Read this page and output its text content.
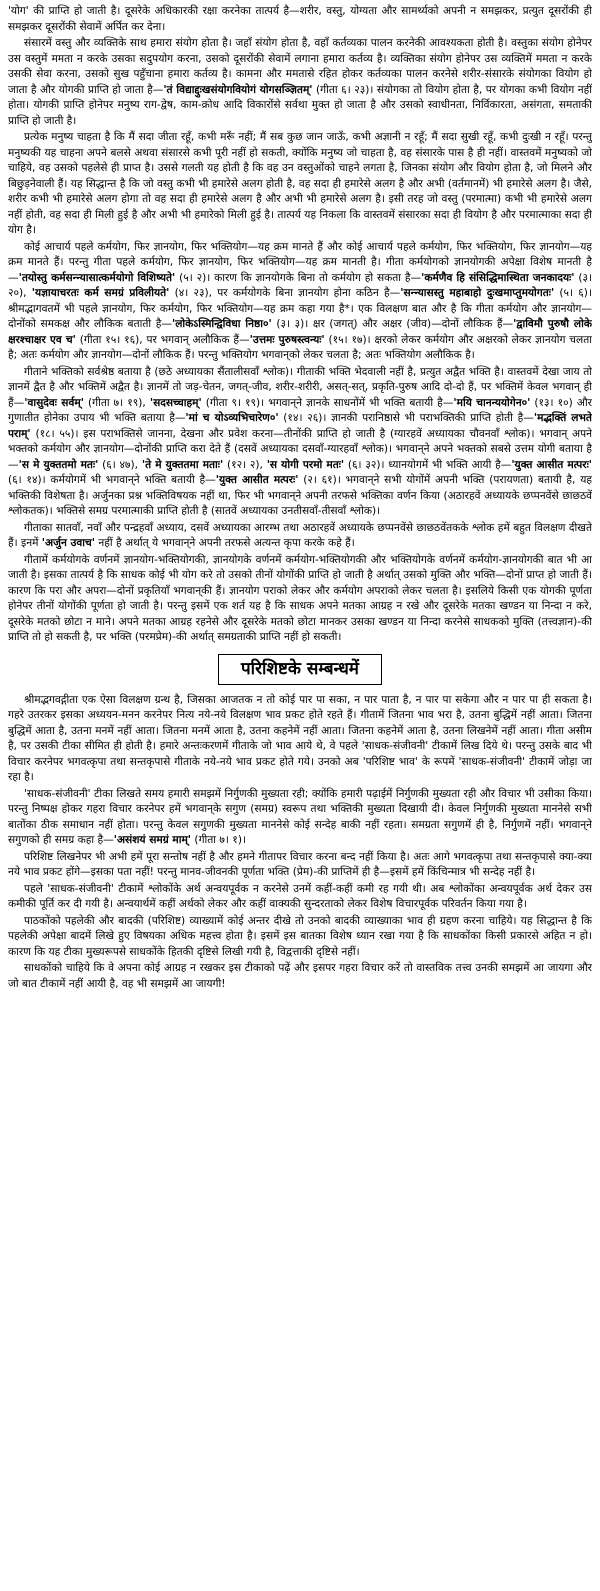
'योग' की प्राप्ति हो जाती है। दूसरेके अधिकारकी रक्षा करनेका तात्पर्य है—शरीर, वस्तु, योग्यता और सामर्थ्यको अपनी न समझकर, प्रत्युत दूसरोंकी ही समझकर दूसरोंकी सेवामें अर्पित कर देना।

संसारमें वस्तु और व्यक्तिके साथ हमारा संयोग होता है। जहाँ संयोग होता है, वहाँ कर्तव्यका पालन करनेकी आवश्यकता होती है। वस्तुका संयोग होनेपर उस वस्तुमें ममता न करके उसका सदुपयोग करना, उसको दूसरोंकी सेवामें लगाना हमारा कर्तव्य है। व्यक्तिका संयोग होनेपर उस व्यक्तिमें ममता न करके उसकी सेवा करना, उसको सुख पहुँचाना हमारा कर्तव्य है। कामना और ममतासे रहित होकर कर्तव्यका पालन करनेसे शरीर-संसारके संयोगका वियोग हो जाता है और योगकी प्राप्ति हो जाता है—'तं विद्याद्दुःखसंयोगवियोगं योगसञ्ज्ञितम्' (गीता ६। २३)। संयोगका तो वियोग होता है, पर योगका कभी वियोग नहीं होता। योगकी प्राप्ति होनेपर मनुष्य राग-द्वेष, काम-क्रोध आदि विकारोंसे सर्वथा मुक्त हो जाता है और उसको स्वाधीनता, निर्विकारता, असंगता, समताकी प्राप्ति हो जाती है।

प्रत्येक मनुष्य चाहता है कि मैं सदा जीता रहूँ, कभी मरूँ नहीं; मैं सब कुछ जान जाऊँ, कभी अज्ञानी न रहूँ; मैं सदा सुखी रहूँ, कभी दुःखी न रहूँ। परन्तु मनुष्यकी यह चाहना अपने बलसे अथवा संसारसे कभी पूरी नहीं हो सकती, क्योंकि मनुष्य जो चाहता है, वह संसारके पास है ही नहीं। वास्तवमें मनुष्यको जो चाहिये, वह उसको पहलेसे ही प्राप्त है। उससे गलती यह होती है कि वह उन वस्तुओंको चाहने लगता है, जिनका संयोग और वियोग होता है, जो मिलने और बिछुड़नेवाली हैं। यह सिद्धान्त है कि जो वस्तु कभी भी हमारेसे अलग होती है, वह सदा ही हमारेसे अलग है और अभी (वर्तमानमें) भी हमारेसे अलग है। जैसे, शरीर कभी भी हमारेसे अलग होगा तो वह सदा ही हमारेसे अलग है और अभी भी हमारेसे अलग है। इसी तरह जो वस्तु (परमात्मा) कभी भी हमारेसे अलग नहीं होती, वह सदा ही मिली हुई है और अभी भी हमारेको मिली हुई है। तात्पर्य यह निकला कि वास्तवमें संसारका सदा ही वियोग है और परमात्माका सदा ही योग है।

कोई आचार्य पहले कर्मयोग, फिर ज्ञानयोग, फिर भक्तियोग—यह क्रम मानते हैं और कोई आचार्य पहले कर्मयोग, फिर भक्तियोग, फिर ज्ञानयोग—यह क्रम मानते हैं। परन्तु गीता पहले कर्मयोग, फिर ज्ञानयोग, फिर भक्तियोग—यह क्रम मानती है। गीता कर्मयोगको ज्ञानयोगकी अपेक्षा विशेष मानती है—'तयोस्तु कर्मसन्न्यासात्कर्मयोगो विशिष्यते' (५। २)। कारण कि ज्ञानयोगके बिना तो कर्मयोग हो सकता है—'कर्मणैव हि संसिद्धिमास्थिता जनकादयः' (३। २०), 'यज्ञायाचरतः कर्म समग्रं प्रविलीयते' (४। २३), पर कर्मयोगके बिना ज्ञानयोग होना कठिन है—'सन्न्यासस्तु महाबाहो दुःखमाप्तुमयोगतः' (५। ६)। श्रीमद्भागवतमें भी पहले ज्ञानयोग, फिर कर्मयोग, फिर भक्तियोग—यह क्रम कहा गया है*। एक विलक्षण बात और है कि गीता कर्मयोग और ज्ञानयोग—दोनोंको समकक्ष और लौकिक बताती है—'लोकेऽस्मिन्द्विविधा निष्ठा०' (३। ३)। क्षर (जगत्) और अक्षर (जीव)—दोनों लौकिक हैं—'द्वाविमौ पुरुषौ लोके क्षरश्चाक्षर एव च' (गीता १५। १६), पर भगवान् अलौकिक हैं—'उत्तमः पुरुषस्त्वन्यः' (१५। १७)। क्षरको लेकर कर्मयोग और अक्षरको लेकर ज्ञानयोग चलता है; अतः कर्मयोग और ज्ञानयोग—दोनों लौकिक हैं। परन्तु भक्तियोग भगवान्‌को लेकर चलता है; अतः भक्तियोग अलौकिक है।

गीताने भक्तिको सर्वश्रेष्ठ बताया है (छठे अध्यायका सैंतालीसवाँ श्लोक)। गीताकी भक्ति भेदवाली नहीं है, प्रत्युत अद्वैत भक्ति है। वास्तवमें देखा जाय तो ज्ञानमें द्वैत है और भक्तिमें अद्वैत है। ज्ञानमें तो जड़-चेतन, जगत्-जीव, शरीर-शरीरी, असत्-सत्, प्रकृति-पुरुष आदि दो-दो हैं, पर भक्तिमें केवल भगवान् ही हैं—'वासुदेवः सर्वम्' (गीता ७। १९), 'सदसच्चाहम्' (गीता ९। १९)। भगवान्‌ने ज्ञानके साधनोंमें भी भक्ति बतायी है—'मयि चानन्ययोगेन०' (१३। १०) और गुणातीत होनेका उपाय भी भक्ति बताया है—'मां च योऽव्यभिचारेण०' (१४। २६)। ज्ञानकी परानिष्ठासे भी पराभक्तिकी प्राप्ति होती है—'मद्भक्तिं लभते पराम्' (१८। ५५)। इस पराभक्तिसे जानना, देखना और प्रवेश करना—तीनोंकी प्राप्ति हो जाती है (ग्यारहवें अध्यायका चौवनवाँ श्लोक)। भगवान् अपने भक्तको कर्मयोग और ज्ञानयोग—दोनोंकी प्राप्ति करा देते हैं (दसवें अध्यायका दसवाँ-ग्यारहवाँ श्लोक)। भगवान्‌ने अपने भक्तको सबसे उत्तम योगी बताया है—'स मे युक्ततमो मतः' (६। ४७), 'ते मे युक्ततमा मताः' (१२। २), 'स योगी परमो मतः' (६। ३२)। ध्यानयोगमें भी भक्ति आयी है—'युक्त आसीत मत्परः' (६। १४)। कर्मयोगमें भी भगवान्‌ने भक्ति बतायी है—'युक्त आसीत मत्परः' (२। ६१)। भगवान्‌ने सभी योगोंमें अपनी भक्ति (परायणता) बतायी है, यह भक्तिकी विशेषता है। अर्जुनका प्रश्न भक्तिविषयक नहीं था, फिर भी भगवान्‌ने अपनी तरफसे भक्तिका वर्णन किया (अठारहवें अध्यायके छप्पनवेंसे छाछठवें श्लोकतक)। भक्तिसे समग्र परमात्माकी प्राप्ति होती है (सातवें अध्यायका उनतीसवाँ-तीसवाँ श्लोक)।

गीताका सातवाँ, नवाँ और पन्द्रहवाँ अध्याय, दसवें अध्यायका आरम्भ तथा अठारहवें अध्यायके छप्पनवेंसे छाछठवेंतकके श्लोक हमें बहुत विलक्षण दीखते हैं। इनमें 'अर्जुन उवाच' नहीं है अर्थात् ये भगवान्‌ने अपनी तरफसे अत्यन्त कृपा करके कहे हैं।

गीतामें कर्मयोगके वर्णनमें ज्ञानयोग-भक्तियोगकी, ज्ञानयोगके वर्णनमें कर्मयोग-भक्तियोगकी और भक्तियोगके वर्णनमें कर्मयोग-ज्ञानयोगकी बात भी आ जाती है। इसका तात्पर्य है कि साधक कोई भी योग करे तो उसको तीनों योगोंकी प्राप्ति हो जाती है अर्थात् उसको मुक्ति और भक्ति—दोनों प्राप्त हो जाती हैं। कारण कि परा और अपरा—दोनों प्रकृतियाँ भगवान्‌की हैं। ज्ञानयोग पराको लेकर और कर्मयोग अपराको लेकर चलता है। इसलिये किसी एक योगकी पूर्णता होनेपर तीनों योगोंकी पूर्णता हो जाती है। परन्तु इसमें एक शर्त यह है कि साधक अपने मतका आग्रह न रखे और दूसरेके मतका खण्डन या निन्दा न करे, दूसरेके मतको छोटा न माने। अपने मतका आग्रह रहनेसे और दूसरेके मतको छोटा मानकर उसका खण्डन या निन्दा करनेसे साधकको मुक्ति (तत्त्वज्ञान)-की प्राप्ति तो हो सकती है, पर भक्ति (परमप्रेम)-की अर्थात् समग्रताकी प्राप्ति नहीं हो सकती।

परिशिष्टके सम्बन्धमें

श्रीमद्भगवद्गीता एक ऐसा विलक्षण ग्रन्थ है, जिसका आजतक न तो कोई पार पा सका, न पार पाता है, न पार पा सकेगा और न पार पा ही सकता है। गहरे उतरकर इसका अध्ययन-मनन करनेपर नित्य नये-नये विलक्षण भाव प्रकट होते रहते हैं। गीतामें जितना भाव भरा है, उतना बुद्धिमें नहीं आता। जितना बुद्धिमें आता है, उतना मनमें नहीं आता। जितना मनमें आता है, उतना कहनेमें नहीं आता। जितना कहनेमें आता है, उतना लिखनेमें नहीं आता। गीता असीम है, पर उसकी टीका सीमित ही होती है। हमारे अन्तःकरणमें गीताके जो भाव आये थे, वे पहले 'साधक-संजीवनी' टीकामें लिख दिये थे। परन्तु उसके बाद भी विचार करनेपर भगवत्कृपा तथा सन्तकृपासे गीताके नये-नये भाव प्रकट होते गये। उनको अब 'परिशिष्ट भाव' के रूपमें 'साधक-संजीवनी' टीकामें जोड़ा जा रहा है।

'साधक-संजीवनी' टीका लिखते समय हमारी समझमें निर्गुणकी मुख्यता रही; क्योंकि हमारी पढ़ाईमें निर्गुणकी मुख्यता रही और विचार भी उसीका किया। परन्तु निष्पक्ष होकर गहरा विचार करनेपर हमें भगवान्‌के सगुण (समग्र) स्वरूप तथा भक्तिकी मुख्यता दिखायी दी। केवल निर्गुणकी मुख्यता माननेसे सभी बातोंका ठीक समाधान नहीं होता। परन्तु केवल सगुणकी मुख्यता माननेसे कोई सन्देह बाकी नहीं रहता। समग्रता सगुणमें ही है, निर्गुणमें नहीं। भगवान्‌ने सगुणको ही समग्र कहा है—'असंशयं समग्रं माम्' (गीता ७। १)।

परिशिष्ट लिखनेपर भी अभी हमें पूरा सन्तोष नहीं है और हमने गीतापर विचार करना बन्द नहीं किया है। अतः आगे भगवत्कृपा तथा सन्तकृपासे क्या-क्या नये भाव प्रकट होंगे—इसका पता नहीं! परन्तु मानव-जीवनकी पूर्णता भक्ति (प्रेम)-की प्राप्तिमें ही है—इसमें हमें किंचिन्मात्र भी सन्देह नहीं है।

पहले 'साधक-संजीवनी' टीकामें श्लोकोंके अर्थ अन्वयपूर्वक न करनेसे उनमें कहीं-कहीं कमी रह गयी थी। अब श्लोकोंका अन्वयपूर्वक अर्थ देकर उस कमीकी पूर्ति कर दी गयी है। अन्वयार्थमें कहीं अर्थको लेकर और कहीं वाक्यकी सुन्दरताको लेकर विशेष विचारपूर्वक परिवर्तन किया गया है।

पाठकोंको पहलेकी और बादकी (परिशिष्ट) व्याख्यामें कोई अन्तर दीखे तो उनको बादकी व्याख्याका भाव ही ग्रहण करना चाहिये। यह सिद्धान्त है कि पहलेकी अपेक्षा बादमें लिखे हुए विषयका अधिक महत्त्व होता है। इसमें इस बातका विशेष ध्यान रखा गया है कि साधकोंका किसी प्रकारसे अहित न हो। कारण कि यह टीका मुख्यरूपसे साधकोंके हितकी दृष्टिसे लिखी गयी है, विद्वत्ताकी दृष्टिसे नहीं।

साधकोंको चाहिये कि वे अपना कोई आग्रह न रखकर इस टीकाको पढ़ें और इसपर गहरा विचार करें तो वास्तविक तत्त्व उनकी समझमें आ जायगा और जो बात टीकामें नहीं आयी है, वह भी समझमें आ जायगी!
